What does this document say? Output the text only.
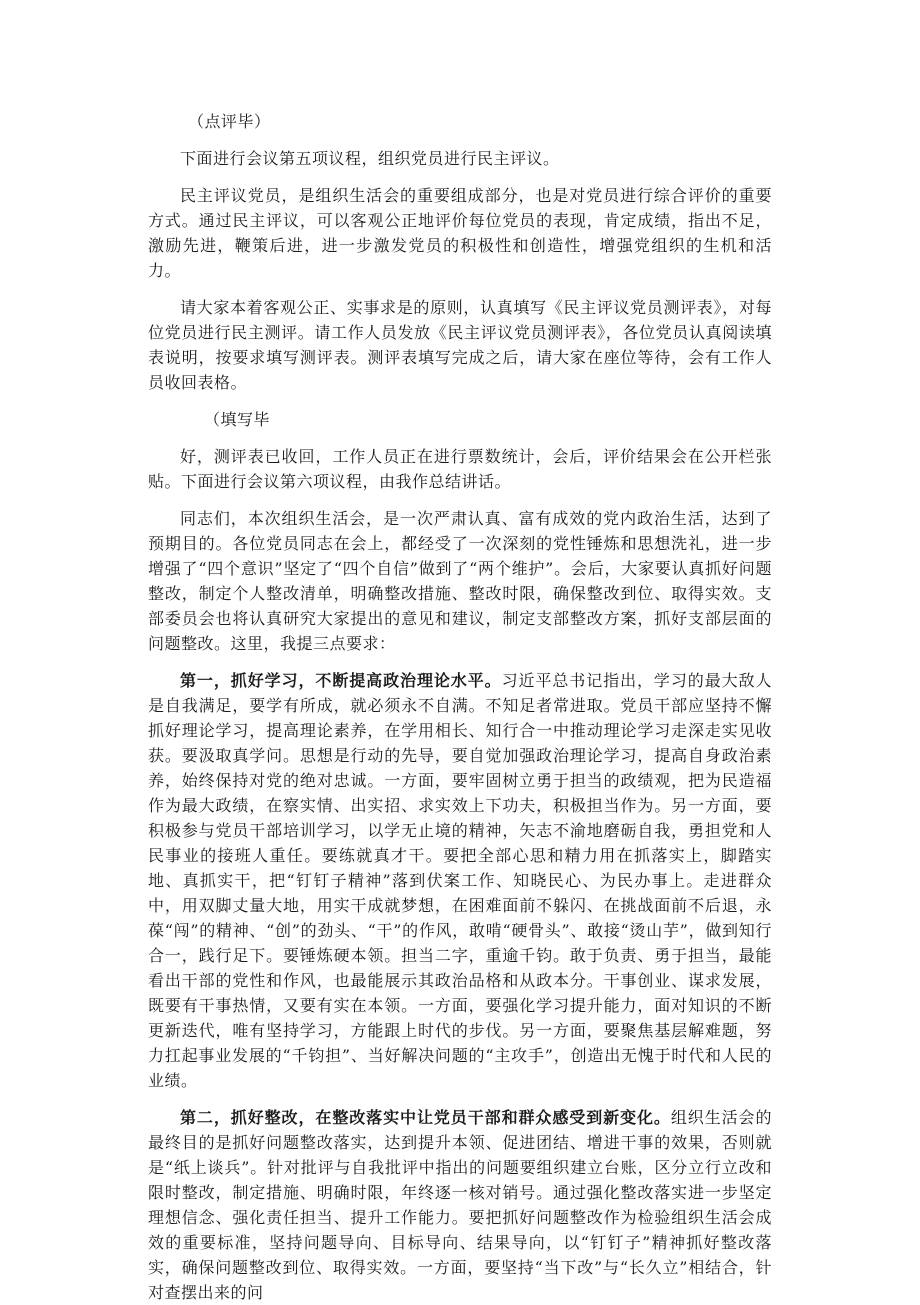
（点评毕）

下面进行会议第五项议程，组织党员进行民主评议。

民主评议党员，是组织生活会的重要组成部分，也是对党员进行综合评价的重要方式。通过民主评议，可以客观公正地评价每位党员的表现，肯定成绩，指出不足，激励先进，鞭策后进，进一步激发党员的积极性和创造性，增强党组织的生机和活力。

请大家本着客观公正、实事求是的原则，认真填写《民主评议党员测评表》，对每位党员进行民主测评。请工作人员发放《民主评议党员测评表》，各位党员认真阅读填表说明，按要求填写测评表。测评表填写完成之后，请大家在座位等待，会有工作人员收回表格。

（填写毕

好，测评表已收回，工作人员正在进行票数统计，会后，评价结果会在公开栏张贴。下面进行会议第六项议程，由我作总结讲话。

同志们，本次组织生活会，是一次严肃认真、富有成效的党内政治生活，达到了预期目的。各位党员同志在会上，都经受了一次深刻的党性锤炼和思想洗礼，进一步增强了“四个意识”坚定了“四个自信”做到了“两个维护”。会后，大家要认真抓好问题整改，制定个人整改清单，明确整改措施、整改时限，确保整改到位、取得实效。支部委员会也将认真研究大家提出的意见和建议，制定支部整改方案，抓好支部层面的问题整改。这里，我提三点要求：

第一，抓好学习，不断提高政治理论水平。习近平总书记指出，学习的最大敌人是自我满足，要学有所成，就必须永不自满。不知足者常进取。党员干部应坚持不懈抓好理论学习，提高理论素养，在学用相长、知行合一中推动理论学习走深走实见收获。要汲取真学问。思想是行动的先导，要自觉加强政治理论学习，提高自身政治素养，始终保持对党的绝对忠诚。一方面，要牢固树立勇于担当的政绩观，把为民造福作为最大政绩，在察实情、出实招、求实效上下功夫，积极担当作为。另一方面，要积极参与党员干部培训学习，以学无止境的精神，矢志不渝地磨砺自我，勇担党和人民事业的接班人重任。要练就真才干。要把全部心思和精力用在抓落实上，脚踏实地、真抓实干，把“钉钉子精神”落到伏案工作、知晓民心、为民办事上。走进群众中，用双脚丈量大地，用实干成就梦想，在困难面前不躲闪、在挑战面前不后退，永葆“闯”的精神、“创”的劲头、“干”的作风，敢啃“硬骨头”、敢接“烫山芋”，做到知行合一，践行足下。要锤炼硬本领。担当二字，重逾千钧。敢于负责、勇于担当，最能看出干部的党性和作风，也最能展示其政治品格和从政本分。干事创业、谋求发展，既要有干事热情，又要有实在本领。一方面，要强化学习提升能力，面对知识的不断更新迭代，唯有坚持学习，方能跟上时代的步伐。另一方面，要聚焦基层解难题，努力扛起事业发展的“千钧担”、当好解决问题的“主攻手”，创造出无愧于时代和人民的业绩。

第二，抓好整改，在整改落实中让党员干部和群众感受到新变化。组织生活会的最终目的是抓好问题整改落实，达到提升本领、促进团结、增进干事的效果，否则就是“纸上谈兵”。针对批评与自我批评中指出的问题要组织建立台账，区分立行立改和限时整改，制定措施、明确时限，年终逐一核对销号。通过强化整改落实进一步坚定理想信念、强化责任担当、提升工作能力。要把抓好问题整改作为检验组织生活会成效的重要标准，坚持问题导向、目标导向、结果导向，以“钉钉子”精神抓好整改落实，确保问题整改到位、取得实效。一方面，要坚持“当下改”与“长久立”相结合，针对查摆出来的问
